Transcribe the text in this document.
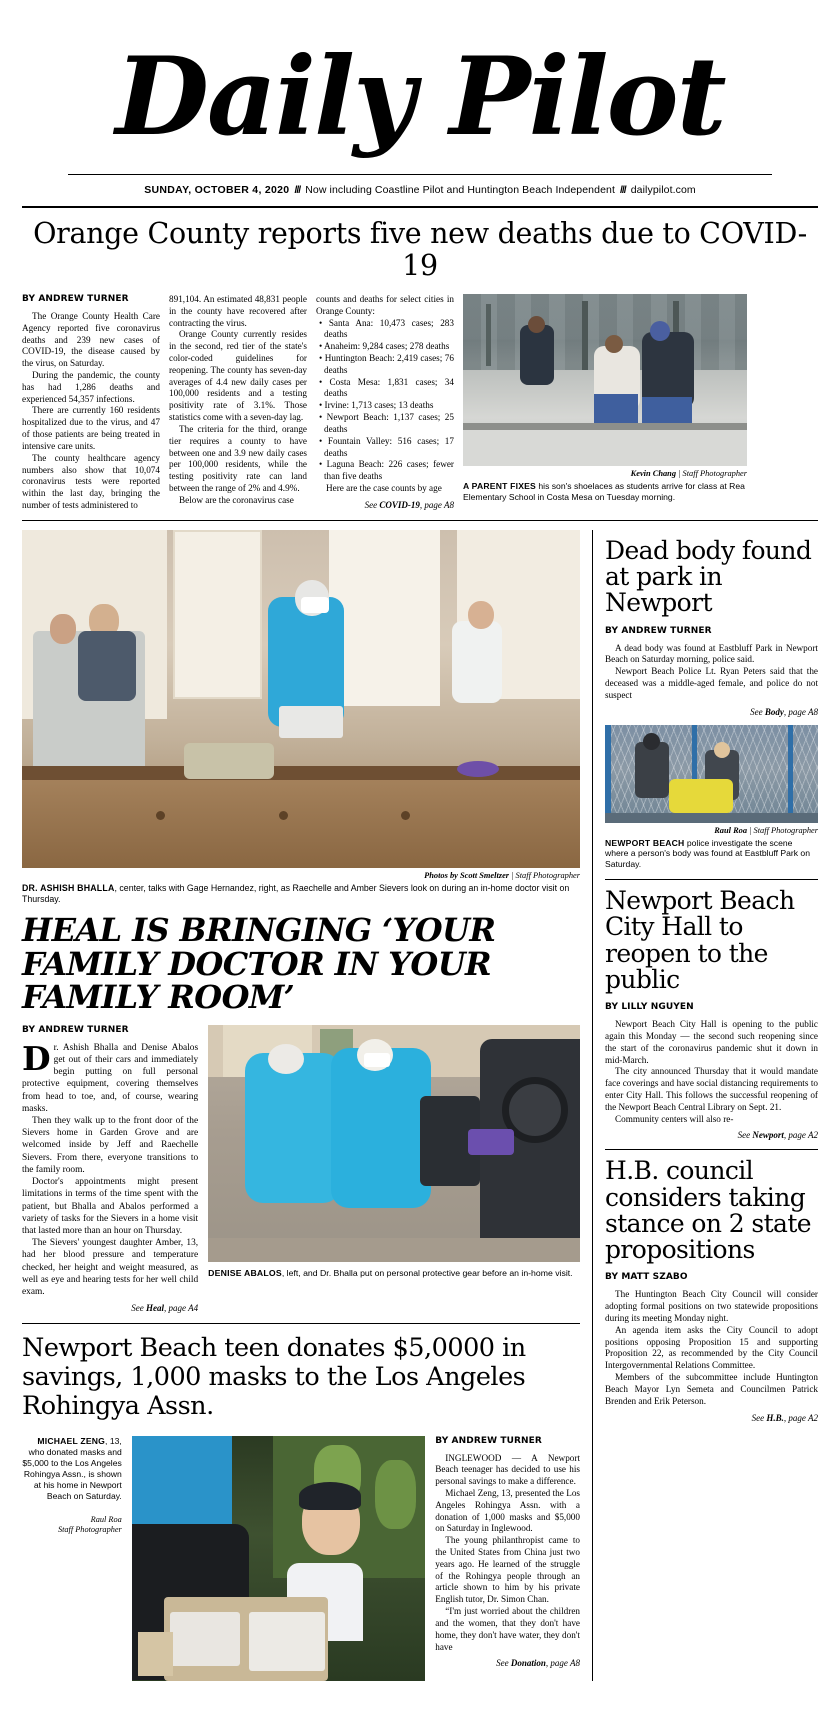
Daily Pilot
SUNDAY, OCTOBER 4, 2020 /// Now including Coastline Pilot and Huntington Beach Independent /// dailypilot.com
Orange County reports five new deaths due to COVID-19
BY ANDREW TURNER

The Orange County Health Care Agency reported five coronavirus deaths and 239 new cases of COVID-19, the disease caused by the virus, on Saturday.

During the pandemic, the county has had 1,286 deaths and experienced 54,357 infections.

There are currently 160 residents hospitalized due to the virus, and 47 of those patients are being treated in intensive care units.

The county healthcare agency numbers also show that 10,074 coronavirus tests were reported within the last day, bringing the number of tests administered to

891,104. An estimated 48,831 people in the county have recovered after contracting the virus.

Orange County currently resides in the second, red tier of the state's color-coded guidelines for reopening. The county has seven-day averages of 4.4 new daily cases per 100,000 residents and a testing positivity rate of 3.1%. Those statistics come with a seven-day lag.

The criteria for the third, orange tier requires a county to have between one and 3.9 new daily cases per 100,000 residents, while the testing positivity rate can land between the range of 2% and 4.9%.

Below are the coronavirus case

counts and deaths for select cities in Orange County:

• Santa Ana: 10,473 cases; 283 deaths

• Anaheim: 9,284 cases; 278 deaths

• Huntington Beach: 2,419 cases; 76 deaths

• Costa Mesa: 1,831 cases; 34 deaths

• Irvine: 1,713 cases; 13 deaths

• Newport Beach: 1,137 cases; 25 deaths

• Fountain Valley: 516 cases; 17 deaths

• Laguna Beach: 226 cases; fewer than five deaths

Here are the case counts by age

See COVID-19, page A8
Kevin Chang | Staff Photographer
A PARENT FIXES his son's shoelaces as students arrive for class at Rea Elementary School in Costa Mesa on Tuesday morning.
Photos by Scott Smeltzer | Staff Photographer
DR. ASHISH BHALLA, center, talks with Gage Hernandez, right, as Raechelle and Amber Sievers look on during an in-home doctor visit on Thursday.
HEAL IS BRINGING ‘YOUR FAMILY DOCTOR IN YOUR FAMILY ROOM’
BY ANDREW TURNER

Dr. Ashish Bhalla and Denise Abalos get out of their cars and immediately begin putting on full personal protective equipment, covering themselves from head to toe, and, of course, wearing masks.

Then they walk up to the front door of the Sievers home in Garden Grove and are welcomed inside by Jeff and Raechelle Sievers. From there, everyone transitions to the family room.

Doctor's appointments might present limitations in terms of the time spent with the patient, but Bhalla and Abalos performed a variety of tasks for the Sievers in a home visit that lasted more than an hour on Thursday.

The Sievers' youngest daughter Amber, 13, had her blood pressure and temperature checked, her height and weight measured, as well as eye and hearing tests for her well child exam.

See Heal, page A4
DENISE ABALOS, left, and Dr. Bhalla put on personal protective gear before an in-home visit.
Newport Beach teen donates $5,0000 in savings, 1,000 masks to the Los Angeles Rohingya Assn.
MICHAEL ZENG, 13, who donated masks and $5,000 to the Los Angeles Rohingya Assn., is shown at his home in Newport Beach on Saturday.
Raul Roa
Staff Photographer
BY ANDREW TURNER

INGLEWOOD — A Newport Beach teenager has decided to use his personal savings to make a difference.

Michael Zeng, 13, presented the Los Angeles Rohingya Assn. with a donation of 1,000 masks and $5,000 on Saturday in Inglewood.

The young philanthropist came to the United States from China just two years ago. He learned of the struggle of the Rohingya people through an article shown to him by his private English tutor, Dr. Simon Chan.

“I'm just worried about the children and the women, that they don't have home, they don't have water, they don't have

See Donation, page A8
Dead body found at park in Newport
BY ANDREW TURNER

A dead body was found at Eastbluff Park in Newport Beach on Saturday morning, police said.

Newport Beach Police Lt. Ryan Peters said that the deceased was a middle-aged female, and police do not suspect

See Body, page A8
Raul Roa | Staff Photographer
NEWPORT BEACH police investigate the scene where a person's body was found at Eastbluff Park on Saturday.
Newport Beach City Hall to reopen to the public
BY LILLY NGUYEN

Newport Beach City Hall is opening to the public again this Monday — the second such reopening since the start of the coronavirus pandemic shut it down in mid-March.

The city announced Thursday that it would mandate face coverings and have social distancing requirements to enter City Hall. This follows the successful reopening of the Newport Beach Central Library on Sept. 21.

Community centers will also re-

See Newport, page A2
H.B. council considers taking stance on 2 state propositions
BY MATT SZABO

The Huntington Beach City Council will consider adopting formal positions on two statewide propositions during its meeting Monday night.

An agenda item asks the City Council to adopt positions opposing Proposition 15 and supporting Proposition 22, as recommended by the City Council Intergovernmental Relations Committee.

Members of the subcommittee include Huntington Beach Mayor Lyn Semeta and Councilmen Patrick Brenden and Erik Peterson.

See H.B., page A2
